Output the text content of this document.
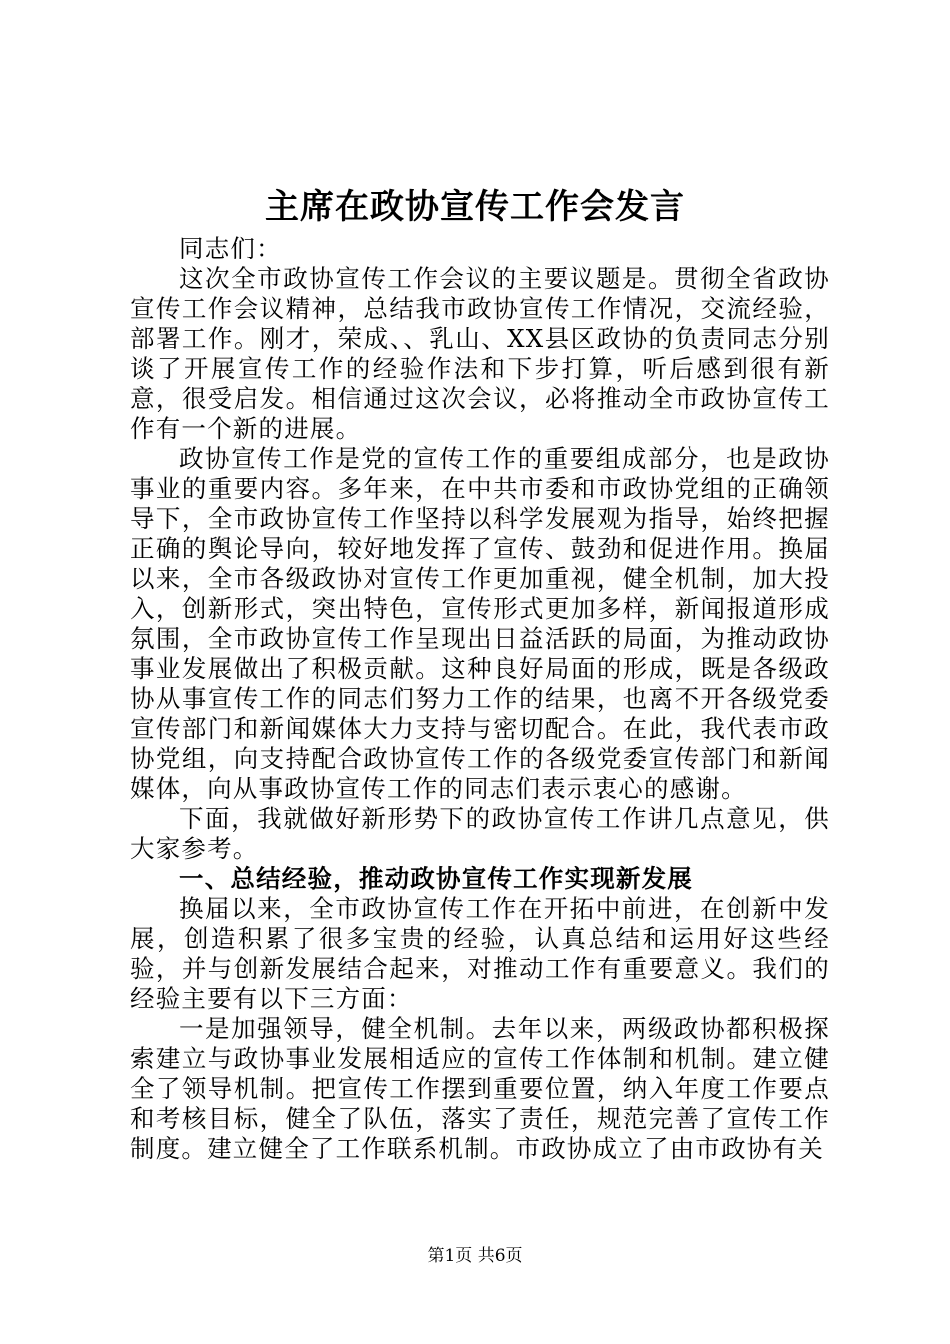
主席在政协宣传工作会发言

同志们：

这次全市政协宣传工作会议的主要议题是。贯彻全省政协宣传工作会议精神，总结我市政协宣传工作情况，交流经验，部署工作。刚才，荣成、、乳山、XX县区政协的负责同志分别谈了开展宣传工作的经验作法和下步打算，听后感到很有新意，很受启发。相信通过这次会议，必将推动全市政协宣传工作有一个新的进展。

政协宣传工作是党的宣传工作的重要组成部分，也是政协事业的重要内容。多年来，在中共市委和市政协党组的正确领导下，全市政协宣传工作坚持以科学发展观为指导，始终把握正确的舆论导向，较好地发挥了宣传、鼓劲和促进作用。换届以来，全市各级政协对宣传工作更加重视，健全机制，加大投入，创新形式，突出特色，宣传形式更加多样，新闻报道形成氛围，全市政协宣传工作呈现出日益活跃的局面，为推动政协事业发展做出了积极贡献。这种良好局面的形成，既是各级政协从事宣传工作的同志们努力工作的结果，也离不开各级党委宣传部门和新闻媒体大力支持与密切配合。在此，我代表市政协党组，向支持配合政协宣传工作的各级党委宣传部门和新闻媒体，向从事政协宣传工作的同志们表示衷心的感谢。

下面，我就做好新形势下的政协宣传工作讲几点意见，供大家参考。

一、总结经验，推动政协宣传工作实现新发展

换届以来，全市政协宣传工作在开拓中前进，在创新中发展，创造积累了很多宝贵的经验，认真总结和运用好这些经验，并与创新发展结合起来，对推动工作有重要意义。我们的经验主要有以下三方面：

一是加强领导，健全机制。去年以来，两级政协都积极探索建立与政协事业发展相适应的宣传工作体制和机制。建立健全了领导机制。把宣传工作摆到重要位置，纳入年度工作要点和考核目标，健全了队伍，落实了责任，规范完善了宣传工作制度。建立健全了工作联系机制。市政协成立了由市政协有关

第1页 共6页
